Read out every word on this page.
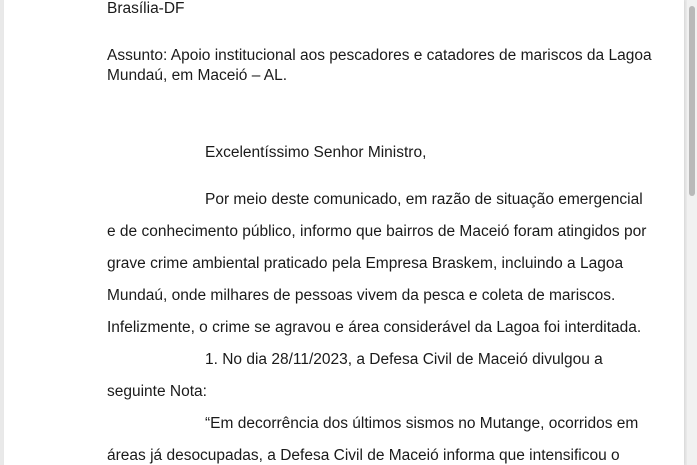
Brasília-DF
Assunto: Apoio institucional aos pescadores e catadores de mariscos da Lagoa
Mundaú, em Maceió – AL.
Excelentíssimo Senhor Ministro,
Por meio deste comunicado, em razão de situação emergencial
e de conhecimento público, informo que bairros de Maceió foram atingidos por
grave crime ambiental praticado pela Empresa Braskem, incluindo a Lagoa
Mundaú, onde milhares de pessoas vivem da pesca e coleta de mariscos.
Infelizmente, o crime se agravou e área considerável da Lagoa foi interditada.
1. No dia 28/11/2023, a Defesa Civil de Maceió divulgou a
seguinte Nota:
“Em decorrência dos últimos sismos no Mutange, ocorridos em
áreas já desocupadas, a Defesa Civil de Maceió informa que intensificou o
